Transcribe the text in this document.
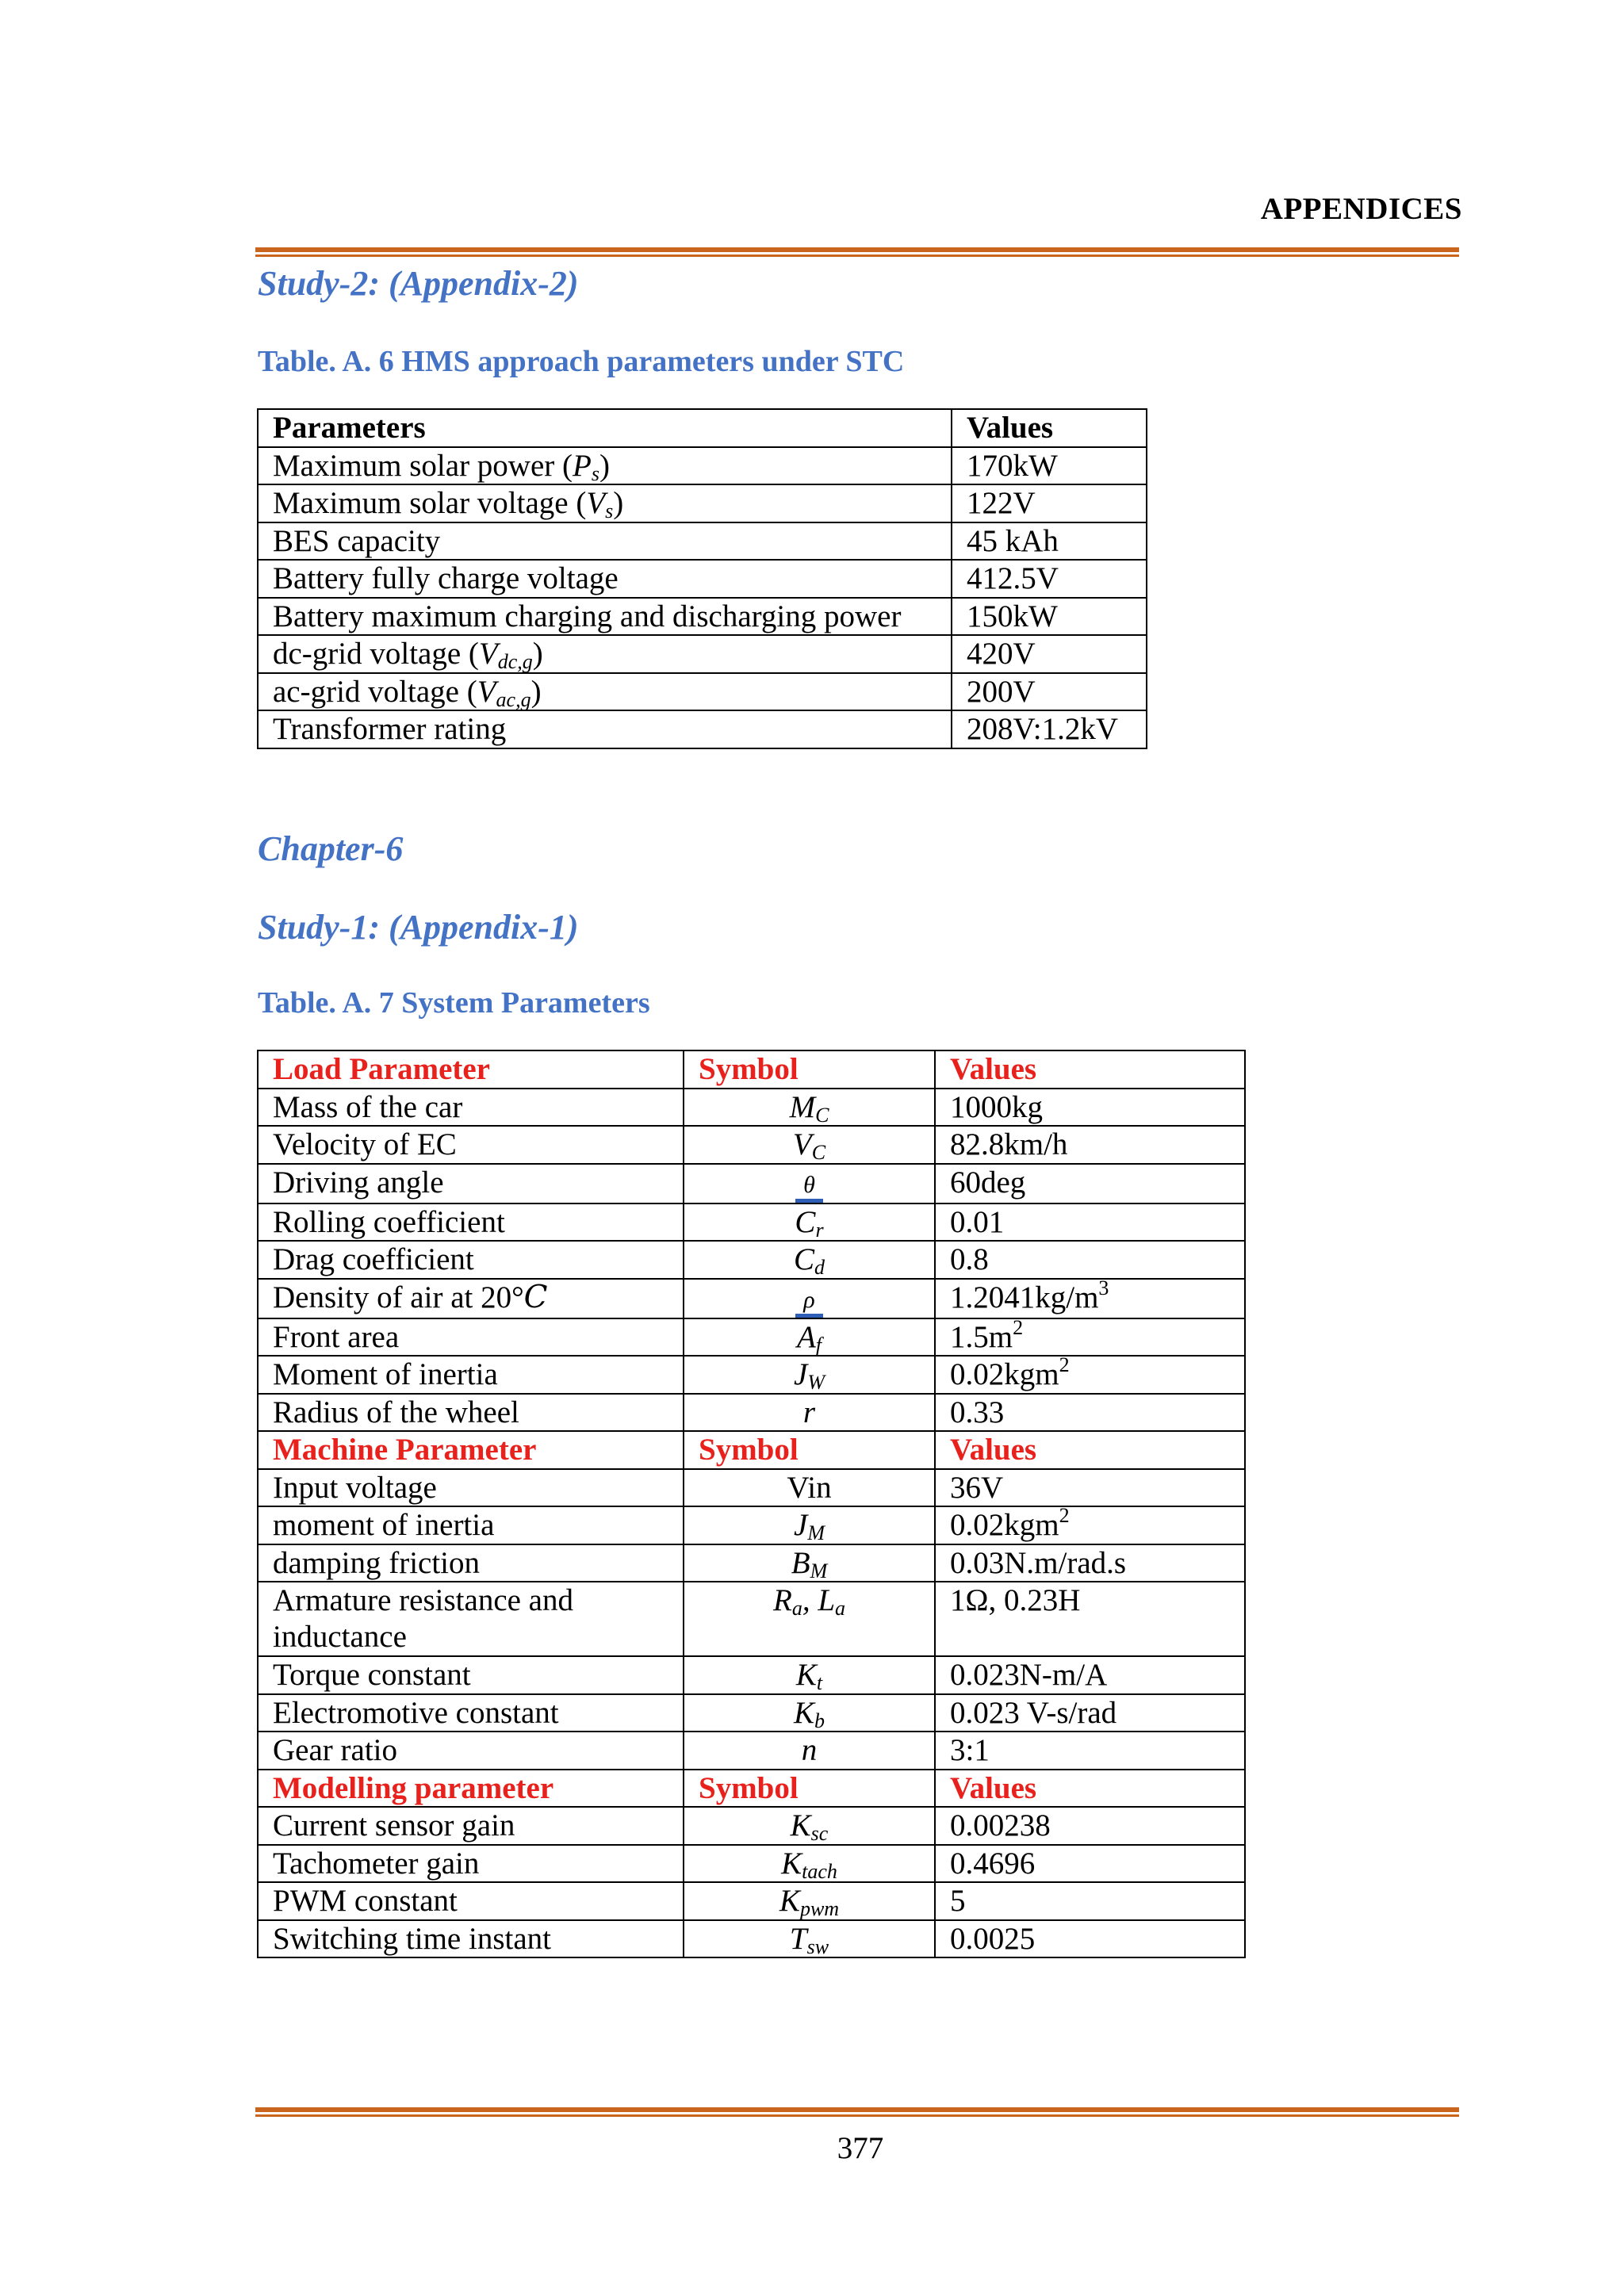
APPENDICES
Study-2: (Appendix-2)
Table. A. 6 HMS approach parameters under STC
Parameters	Values
Maximum solar power $(P_s)$	170kW
Maximum solar voltage $(V_s)$	122V
BES capacity	45 kAh
Battery fully charge voltage	412.5V
Battery maximum charging and discharging power	150kW
dc-grid voltage $(V_{dc,g})$	420V
ac-grid voltage $(V_{ac,g})$	200V
Transformer rating	208V:1.2kV
Chapter-6
Study-1: (Appendix-1)
Table. A. 7 System Parameters
Load Parameter	Symbol	Values
Mass of the car	$M_C$	1000kg
Velocity of EC	$V_C$	82.8km/h
Driving angle	θ	60deg
Rolling coefficient	$C_r$	0.01
Drag coefficient	$C_d$	0.8
Density of air at 20°𝐶	ρ	$1.2041kg/m^3$
Front area	$A_f$	$1.5m^2$
Moment of inertia	$J_W$	0.02kgm$^2$
Radius of the wheel	r	0.33
Machine Parameter	Symbol	Values
Input voltage	Vin	36V
moment of inertia	$J_M$	0.02kgm$^2$
damping friction	$B_M$	0.03N.m/rad.s
Armature resistance and inductance	$R_a$, $L_a$	1Ω, 0.23H
Torque constant	$K_t$	0.023N-m/A
Electromotive constant	$K_b$	0.023 V-s/rad
Gear ratio	n	3:1
Modelling parameter	Symbol	Values
Current sensor gain	$K_{sc}$	0.00238
Tachometer gain	$K_{tach}$	0.4696
PWM constant	$K_{pwm}$	5
Switching time instant	$T_{sw}$	0.0025
377
